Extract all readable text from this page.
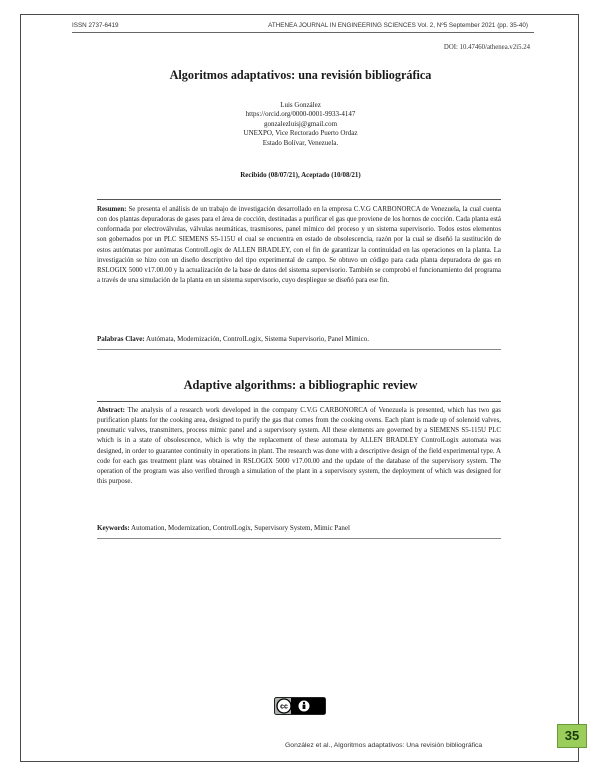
ISSN 2737-6419	ATHENEA JOURNAL IN ENGINEERING SCIENCES Vol. 2, Nº5 September 2021 (pp. 35-40)
DOI: 10.47460/athenea.v2i5.24
Algoritmos adaptativos: una revisión bibliográfica
Luis González
https://orcid.org/0000-0001-9933-4147
gonzalezluisj@gmail.com
UNEXPO, Vice Rectorado Puerto Ordaz
Estado Bolívar, Venezuela.
Recibido (08/07/21), Aceptado (10/08/21)
Resumen: Se presenta el análisis de un trabajo de investigación desarrollado en la empresa C.V.G CARBONORCA de Venezuela, la cual cuenta con dos plantas depuradoras de gases para el área de cocción, destinadas a purificar el gas que proviene de los hornos de cocción. Cada planta está conformada por electroválvulas, válvulas neumáticas, trasmisores, panel mímico del proceso y un sistema supervisorio. Todos estos elementos son gobernados por un PLC SIEMENS S5-115U el cual se encuentra en estado de obsolescencia, razón por la cual se diseñó la sustitución de estos autómatas por autómatas ControlLogix de ALLEN BRADLEY, con el fin de garantizar la continuidad en las operaciones en la planta. La investigación se hizo con un diseño descriptivo del tipo experimental de campo. Se obtuvo un código para cada planta depuradora de gas en RSLOGIX 5000 v17.00.00 y la actualización de la base de datos del sistema supervisorio. También se comprobó el funcionamiento del programa a través de una simulación de la planta en un sistema supervisorio, cuyo despliegue se diseñó para ese fin.
Palabras Clave: Autómata, Modernización, ControlLogix, Sistema Supervisorio, Panel Mímico.
Adaptive algorithms: a bibliographic review
Abstract: The analysis of a research work developed in the company C.V.G CARBONORCA of Venezuela is presented, which has two gas purification plants for the cooking area, designed to purify the gas that comes from the cooking ovens. Each plant is made up of solenoid valves, pneumatic valves, transmitters, process mimic panel and a supervisory system. All these elements are governed by a SIEMENS S5-115U PLC which is in a state of obsolescence, which is why the replacement of these automata by ALLEN BRADLEY ControlLogix automata was designed, in order to guarantee continuity in operations in plant. The research was done with a descriptive design of the field experimental type. A code for each gas treatment plant was obtained in RSLOGIX 5000 v17.00.00 and the update of the database of the supervisory system. The operation of the program was also verified through a simulation of the plant in a supervisory system, the deployment of which was designed for this purpose.
Keywords: Automation, Modernization, ControlLogix, Supervisory System, Mimic Panel
cc
González et al., Algoritmos adaptativos: Una revisión bibliográfica
35
